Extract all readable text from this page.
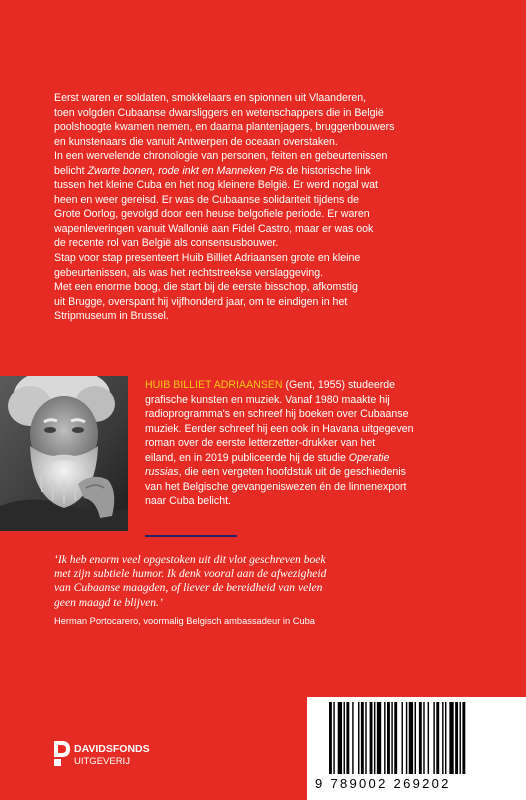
Eerst waren er soldaten, smokkelaars en spionnen uit Vlaanderen,

toen volgden Cubaanse dwarsliggers en wetenschappers die in België

poolshoogte kwamen nemen, en daarna plantenjagers, bruggenbouwers

en kunstenaars die vanuit Antwerpen de oceaan overstaken.

In een wervelende chronologie van personen, feiten en gebeurtenissen

belicht Zwarte bonen, rode inkt en Manneken Pis de historische link

tussen het kleine Cuba en het nog kleinere België. Er werd nogal wat

heen en weer gereisd. Er was de Cubaanse solidariteit tijdens de

Grote Oorlog, gevolgd door een heuse belgofiele periode. Er waren

wapenleveringen vanuit Wallonië aan Fidel Castro, maar er was ook

de recente rol van België als consensusbouwer.

Stap voor stap presenteert Huib Billiet Adriaansen grote en kleine

gebeurtenissen, als was het rechtstreekse verslaggeving.

Met een enorme boog, die start bij de eerste bisschop, afkomstig

uit Brugge, overspant hij vijfhonderd jaar, om te eindigen in het

Stripmuseum in Brussel.

HUIB BILLIET ADRIAANSEN (Gent, 1955) studeerde
grafische kunsten en muziek. Vanaf 1980 maakte hij
radioprogramma's en schreef hij boeken over Cubaanse
muziek. Eerder schreef hij een ook in Havana uitgegeven
roman over de eerste letterzetter-drukker van het
eiland, en in 2019 publiceerde hij de studie Operatie
russias, die een vergeten hoofdstuk uit de geschiedenis
van het Belgische gevangeniswezen én de linnenexport
naar Cuba belicht.
‘Ik heb enorm veel opgestoken uit dit vlot geschreven boek
met zijn subtiele humor. Ik denk vooral aan de afwezigheid
van Cubaanse maagden, of liever de bereidheid van velen
geen maagd te blijven.’
Herman Portocarero, voormalig Belgisch ambassadeur in Cuba
DAVIDSFONDS
UITGEVERIJ
9 789002 269202
